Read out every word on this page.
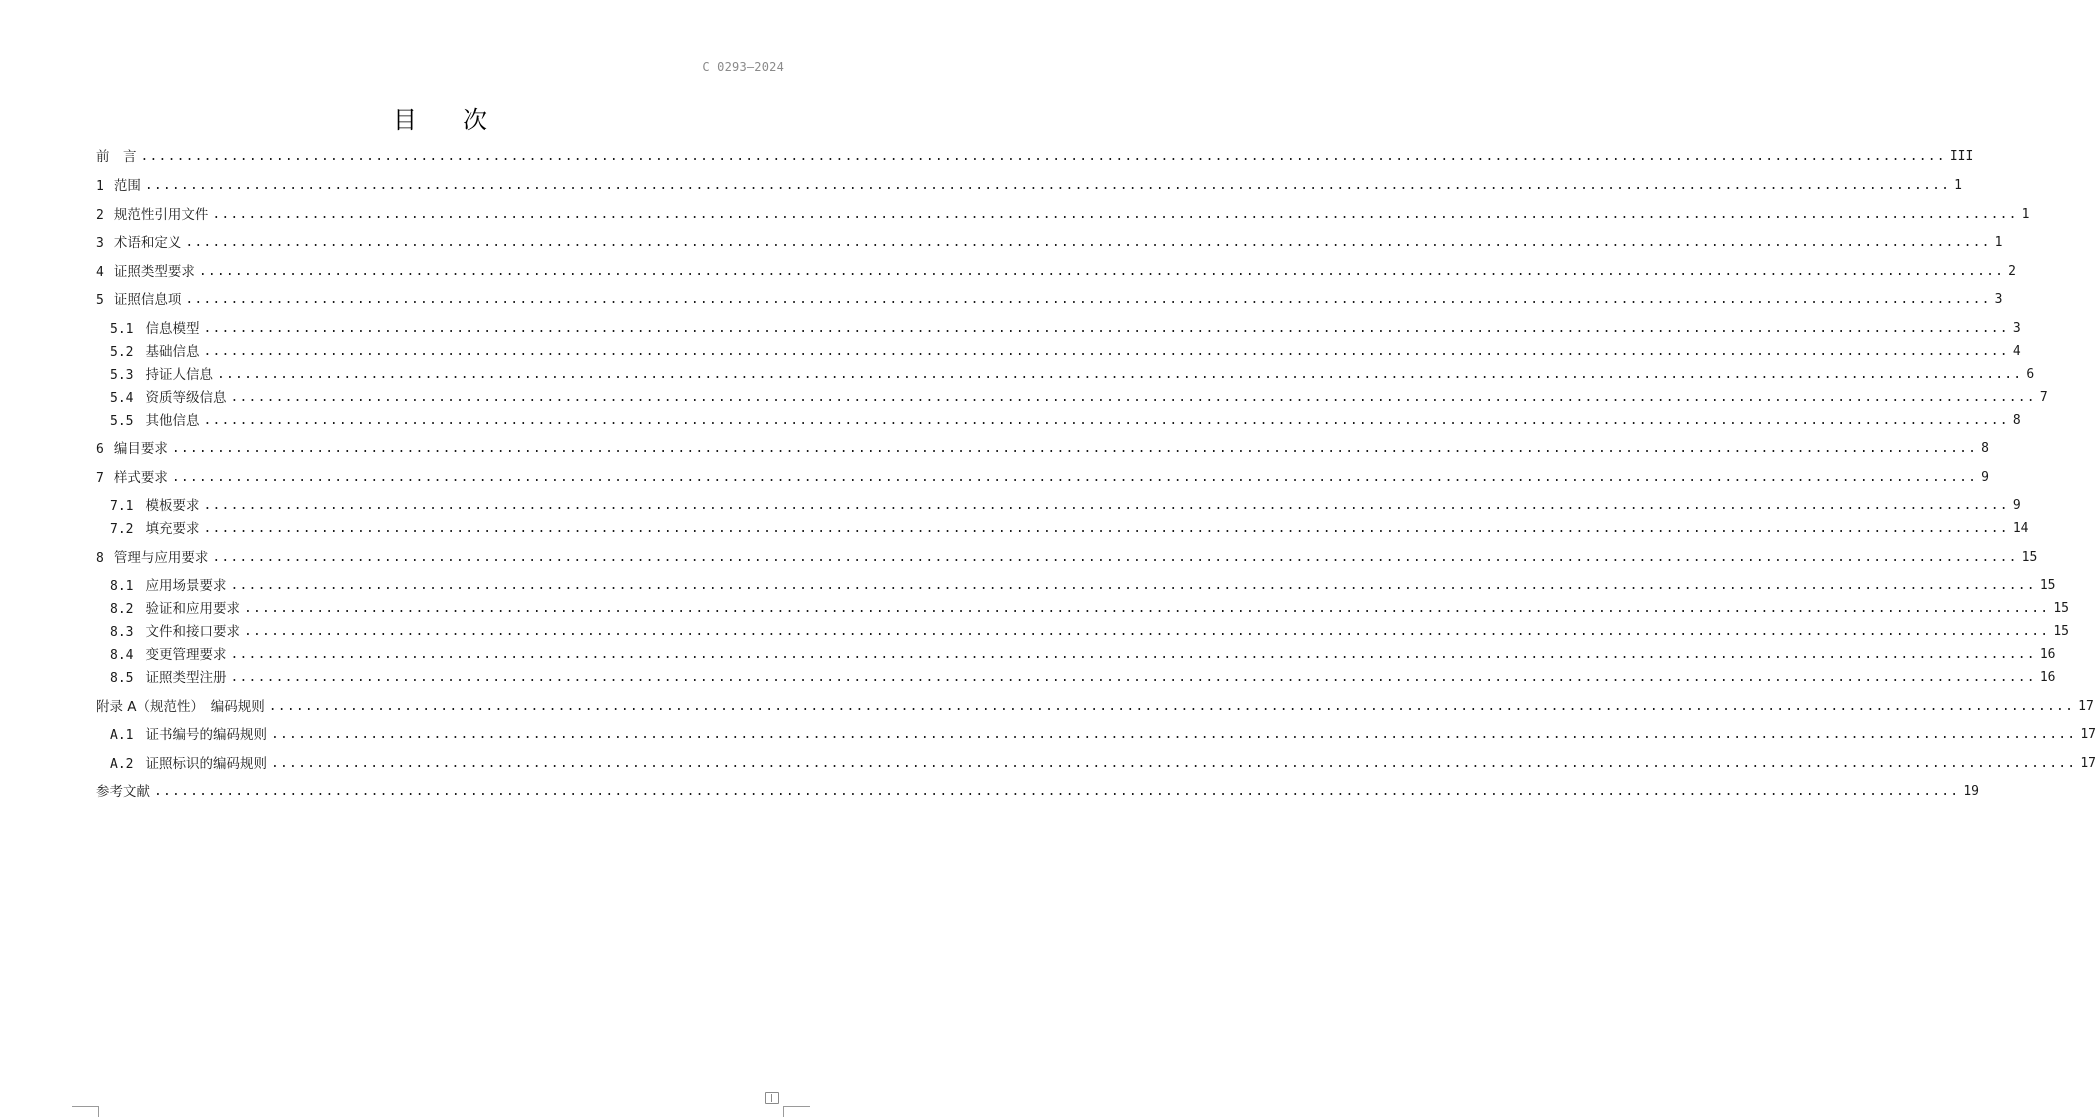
C 0293—2024
目 次
前　言 ........................................................................................................................................................................................................ III
1 范围 ........................................................................................................................................................................................................ 1
2 规范性引用文件 ........................................................................................................................................................................................................ 1
3 术语和定义 ........................................................................................................................................................................................................ 1
4 证照类型要求 ........................................................................................................................................................................................................ 2
5 证照信息项 ........................................................................................................................................................................................................ 3
5.1 信息模型 ........................................................................................................................................................................................................ 3
5.2 基础信息 ........................................................................................................................................................................................................ 4
5.3 持证人信息 ........................................................................................................................................................................................................ 6
5.4 资质等级信息 ........................................................................................................................................................................................................ 7
5.5 其他信息 ........................................................................................................................................................................................................ 8
6 编目要求 ........................................................................................................................................................................................................ 8
7 样式要求 ........................................................................................................................................................................................................ 9
7.1 模板要求 ........................................................................................................................................................................................................ 9
7.2 填充要求 ........................................................................................................................................................................................................ 14
8 管理与应用要求 ........................................................................................................................................................................................................ 15
8.1 应用场景要求 ........................................................................................................................................................................................................ 15
8.2 验证和应用要求 ........................................................................................................................................................................................................ 15
8.3 文件和接口要求 ........................................................................................................................................................................................................ 15
8.4 变更管理要求 ........................................................................................................................................................................................................ 16
8.5 证照类型注册 ........................................................................................................................................................................................................ 16
附录 A（规范性）　编码规则 ........................................................................................................................................................................................................ 17
A.1 证书编号的编码规则 ........................................................................................................................................................................................................ 17
A.2 证照标识的编码规则 ........................................................................................................................................................................................................ 17
参考文献 ........................................................................................................................................................................................................ 19
